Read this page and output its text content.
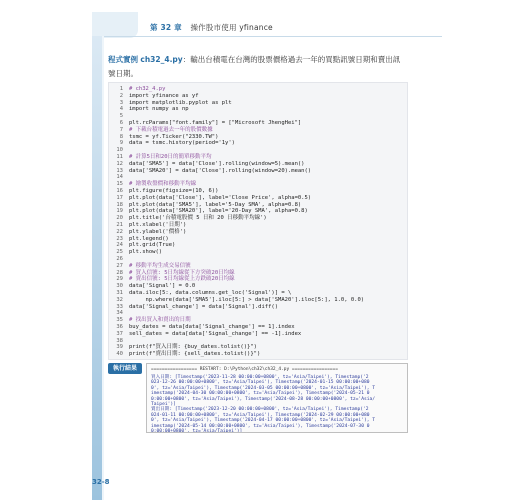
第 32 章 操作股市使用 yfinance
程式實例 ch32_4.py：輸出台積電在台灣的股票價格過去一年的買點訊號日期和賣出訊
號日期。
1 # ch32_4.py
2 import yfinance as yf
3 import matplotlib.pyplot as plt
4 import numpy as np
5
6 plt.rcParams["font.family"] = ["Microsoft JhengHei"]
7 # 下載台積電過去一年的股價數據
8 tsmc = yf.Ticker("2330.TW")
9 data = tsmc.history(period='1y')
10
11 # 計算5日和20日的簡單移動平均
12 data['SMA5'] = data['Close'].rolling(window=5).mean()
13 data['SMA20'] = data['Close'].rolling(window=20).mean()
14
15 # 繪製收盤價和移動平均線
16 plt.figure(figsize=(10, 6))
17 plt.plot(data['Close'], label='Close Price', alpha=0.5)
18 plt.plot(data['SMA5'], label='5-Day SMA', alpha=0.8)
19 plt.plot(data['SMA20'], label='20-Day SMA', alpha=0.8)
20 plt.title('台積電股價 5 日和 20 日移動平均線')
21 plt.xlabel('日期')
22 plt.ylabel('價格')
23 plt.legend()
24 plt.grid(True)
25 plt.show()
26
27 # 移動平均生成交易信號
28 # 買入信號: 5日均線從下方突破20日均線
29 # 賣出信號: 5日均線從上方跌破20日均線
30 data['Signal'] = 0.0
31 data.iloc[5:, data.columns.get_loc('Signal')] = \
32     np.where(data['SMA5'].iloc[5:] > data['SMA20'].iloc[5:], 1.0, 0.0)
33 data['Signal_change'] = data['Signal'].diff()
34
35 # 找出買入和賣出的日期
36 buy_dates = data[data['Signal_change'] == 1].index
37 sell_dates = data[data['Signal_change'] == -1].index
38
39 print(f"買入日期: {buy_dates.tolist()}")
40 print(f"賣出日期: {sell_dates.tolist()}")
執行結果	================= RESTART: D:\Python\ch32\ch32_4.py =================
買入日期: [Timestamp('2023-11-28 00:00:00+0800', tz='Asia/Taipei'), Timestamp('2
023-12-26 00:00:00+0800', tz='Asia/Taipei'), Timestamp('2024-01-15 00:00:00+080
0', tz='Asia/Taipei'), Timestamp('2024-03-05 00:00:00+0800', tz='Asia/Taipei'), T
imestamp('2024-04-30 00:00:00+0800', tz='Asia/Taipei'), Timestamp('2024-05-21 0
0:00:00+0800', tz='Asia/Taipei'), Timestamp('2024-08-28 00:00:00+0800', tz='Asia/
Taipei')]
賣出日期: [Timestamp('2023-12-20 00:00:00+0800', tz='Asia/Taipei'), Timestamp('2
024-01-11 00:00:00+0800', tz='Asia/Taipei'), Timestamp('2024-02-29 00:00:00+080
0', tz='Asia/Taipei'), Timestamp('2024-04-17 00:00:00+0800', tz='Asia/Taipei'), T
imestamp('2024-05-14 00:00:00+0800', tz='Asia/Taipei'), Timestamp('2024-07-30 0
0:00:00+0800', tz='Asia/Taipei')]
32-8
